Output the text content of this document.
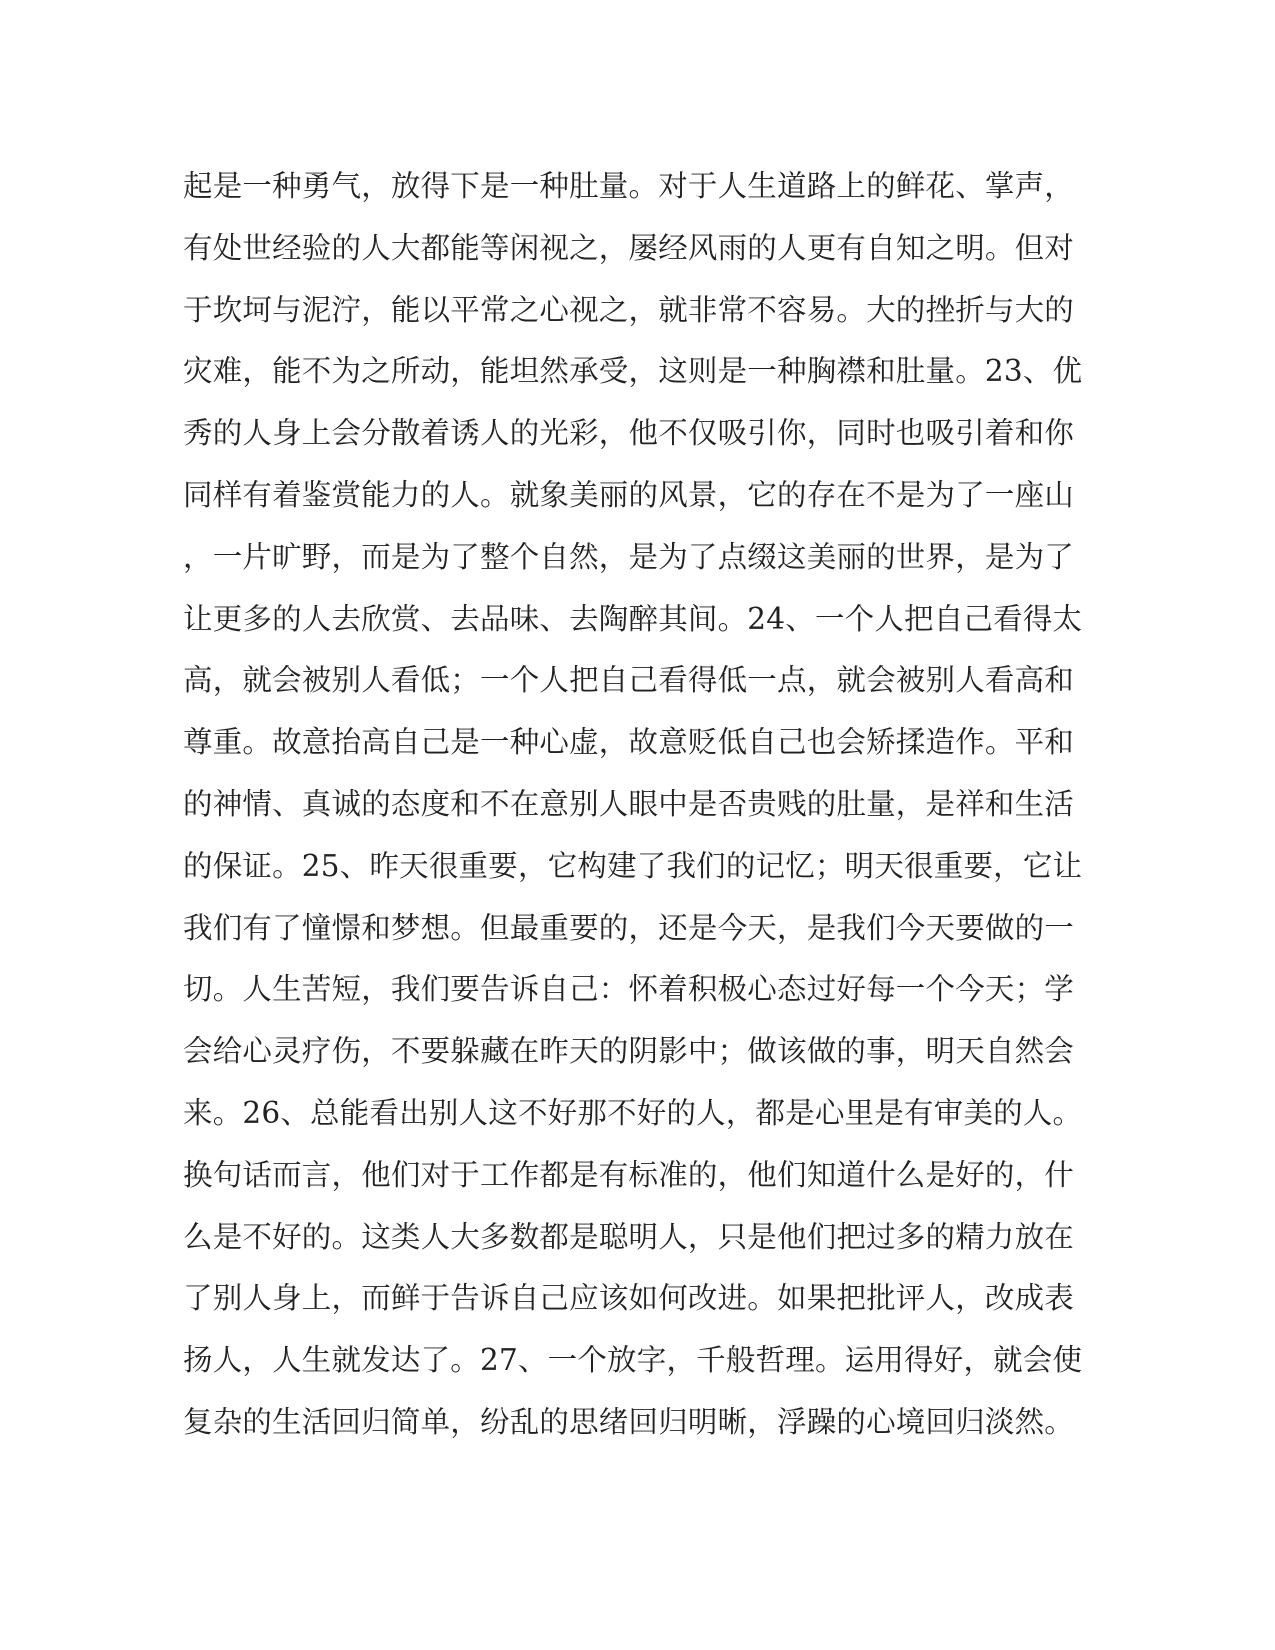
起是一种勇气，放得下是一种肚量。对于人生道路上的鲜花、掌声，
有处世经验的人大都能等闲视之，屡经风雨的人更有自知之明。但对
于坎坷与泥泞，能以平常之心视之，就非常不容易。大的挫折与大的
灾难，能不为之所动，能坦然承受，这则是一种胸襟和肚量。23、优
秀的人身上会分散着诱人的光彩，他不仅吸引你，同时也吸引着和你
同样有着鉴赏能力的人。就象美丽的风景，它的存在不是为了一座山
，一片旷野，而是为了整个自然，是为了点缀这美丽的世界，是为了
让更多的人去欣赏、去品味、去陶醉其间。24、一个人把自己看得太
高，就会被别人看低；一个人把自己看得低一点，就会被别人看高和
尊重。故意抬高自己是一种心虚，故意贬低自己也会矫揉造作。平和
的神情、真诚的态度和不在意别人眼中是否贵贱的肚量，是祥和生活
的保证。25、昨天很重要，它构建了我们的记忆；明天很重要，它让
我们有了憧憬和梦想。但最重要的，还是今天，是我们今天要做的一
切。人生苦短，我们要告诉自己：怀着积极心态过好每一个今天；学
会给心灵疗伤，不要躲藏在昨天的阴影中；做该做的事，明天自然会
来。26、总能看出别人这不好那不好的人，都是心里是有审美的人。
换句话而言，他们对于工作都是有标准的，他们知道什么是好的，什
么是不好的。这类人大多数都是聪明人，只是他们把过多的精力放在
了别人身上，而鲜于告诉自己应该如何改进。如果把批评人，改成表
扬人，人生就发达了。27、一个放字，千般哲理。运用得好，就会使
复杂的生活回归简单，纷乱的思绪回归明晰，浮躁的心境回归淡然。
